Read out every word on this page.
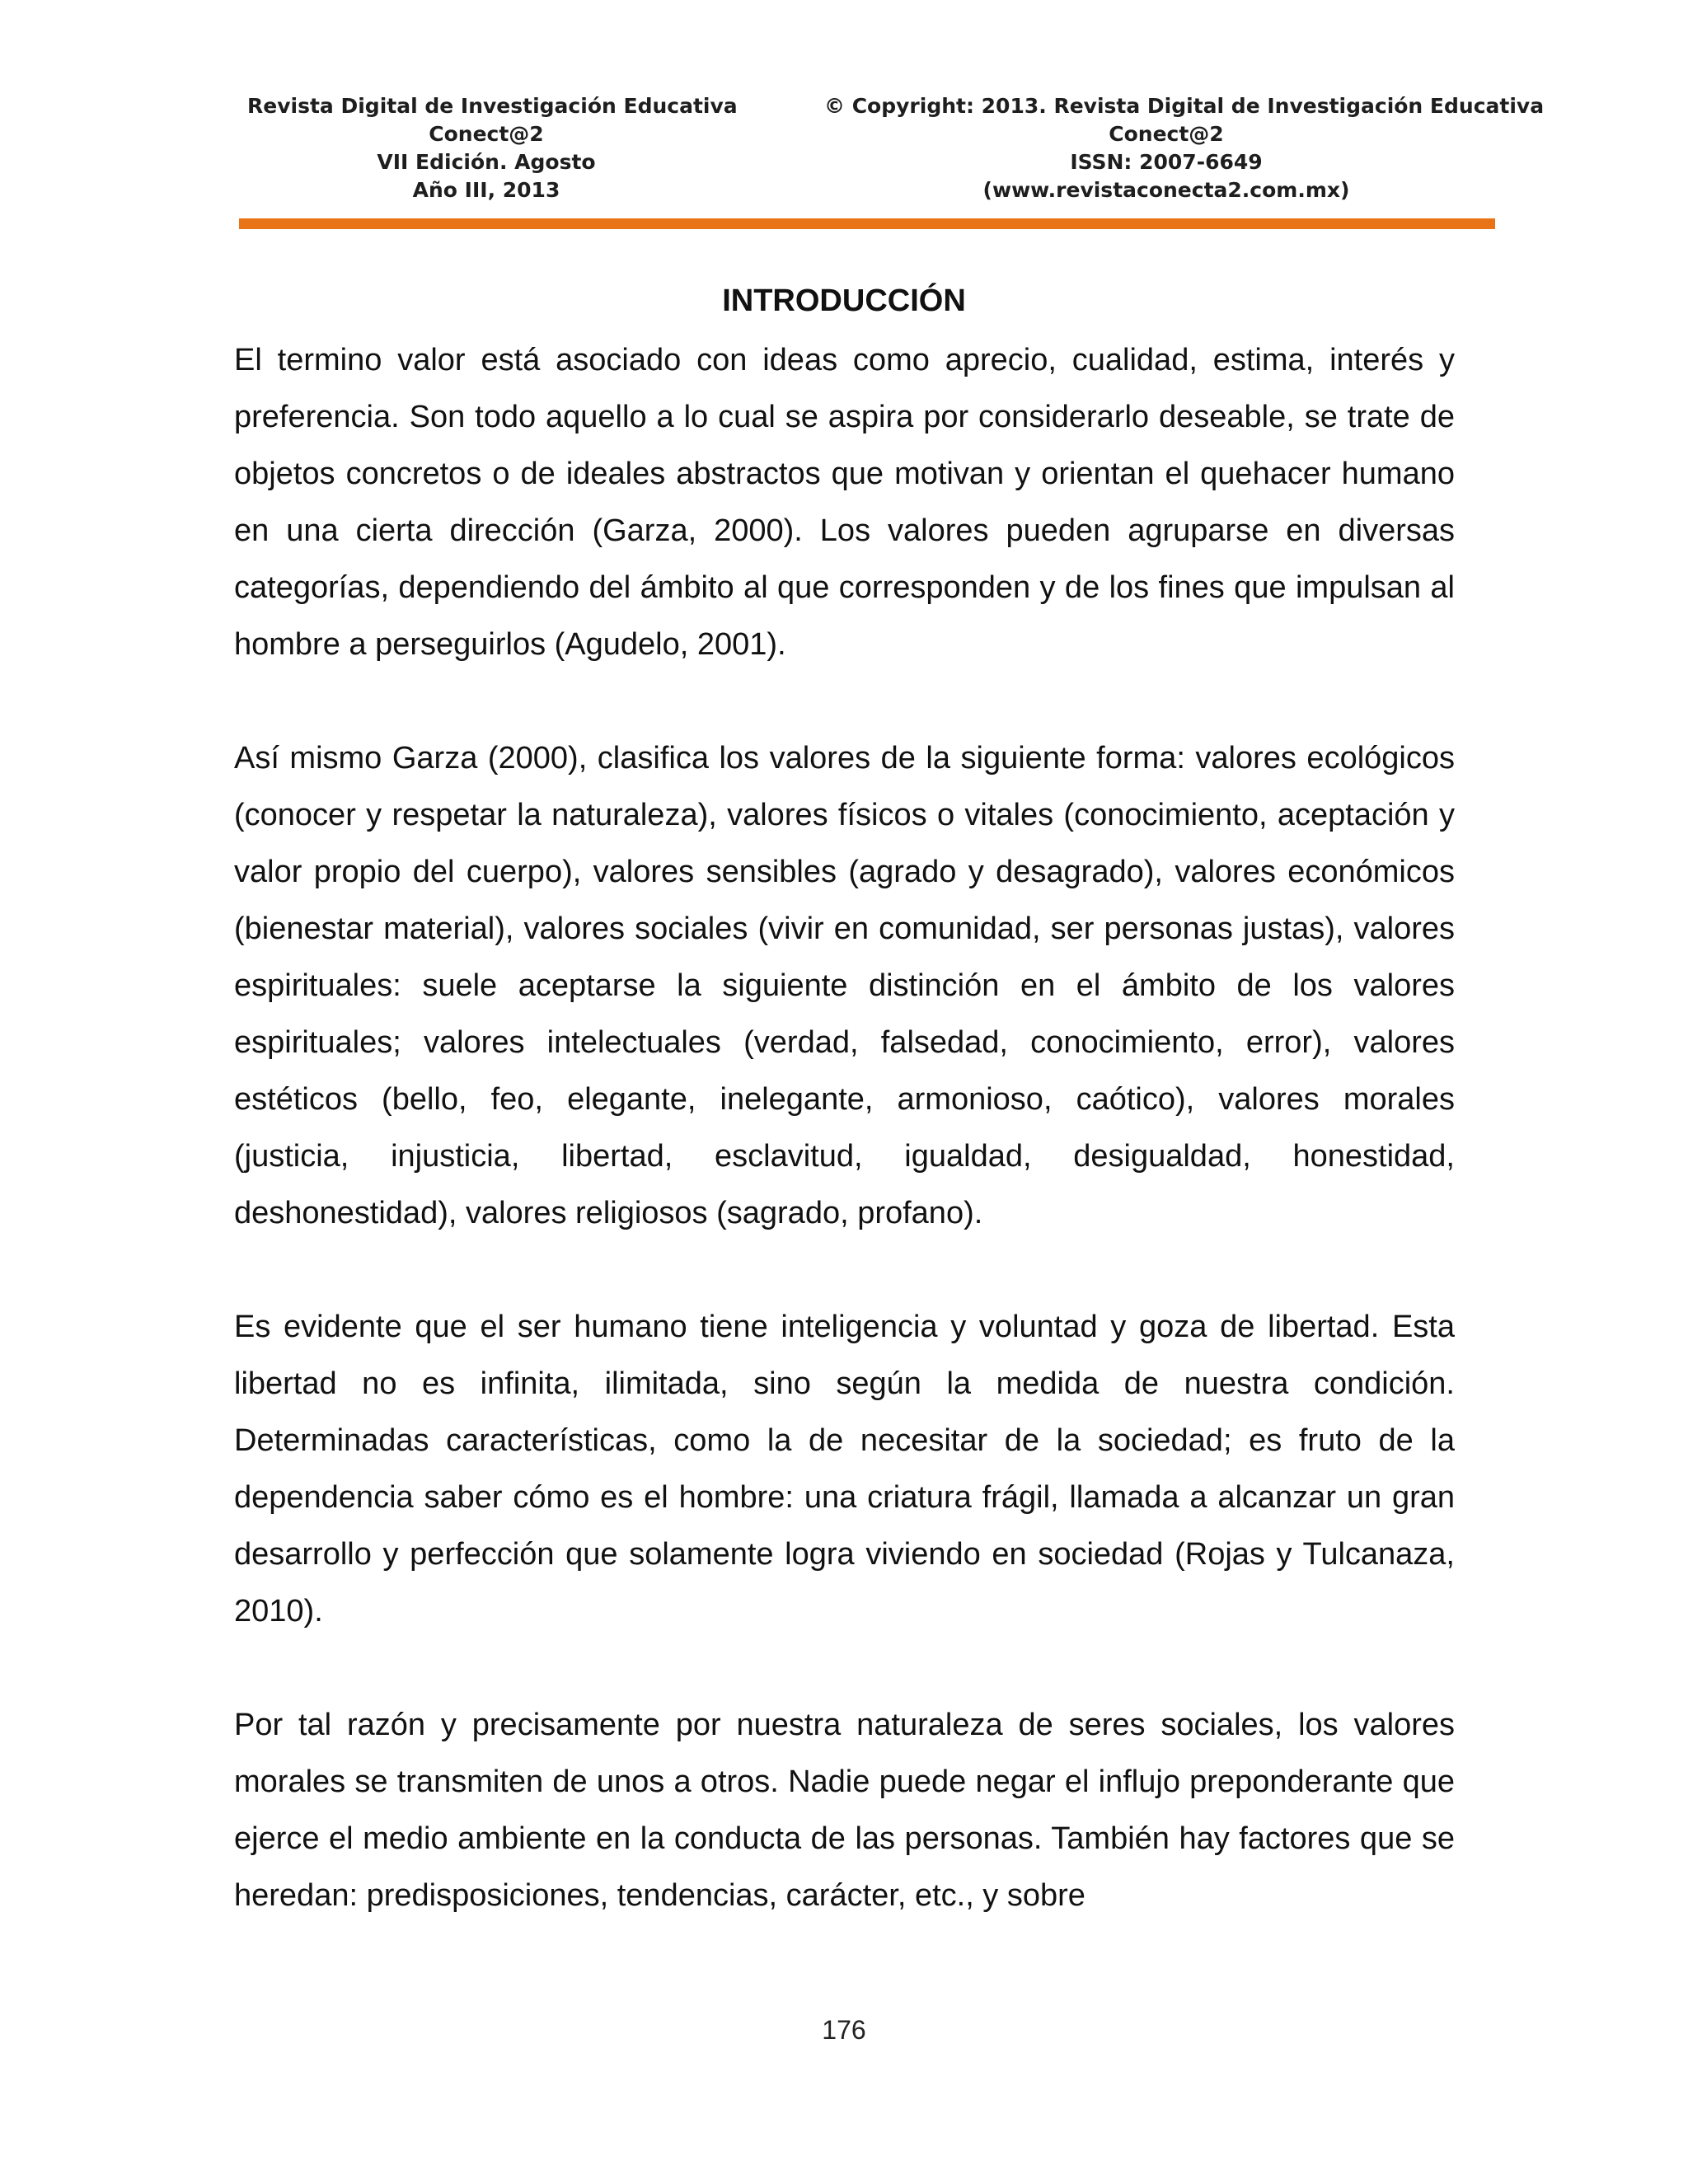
Revista Digital de Investigación Educativa
Conect@2
VII Edición. Agosto
Año III, 2013
© Copyright: 2013. Revista Digital de Investigación Educativa
Conect@2
ISSN: 2007-6649
(www.revistaconecta2.com.mx)
INTRODUCCIÓN

El termino valor está asociado con ideas como aprecio, cualidad, estima, interés y preferencia. Son todo aquello a lo cual se aspira por considerarlo deseable, se trate de objetos concretos o de ideales abstractos que motivan y orientan el quehacer humano en una cierta dirección (Garza, 2000). Los valores pueden agruparse en diversas categorías, dependiendo del ámbito al que corresponden y de los fines que impulsan al hombre a perseguirlos (Agudelo, 2001).

Así mismo Garza (2000), clasifica los valores de la siguiente forma: valores ecológicos (conocer y respetar la naturaleza), valores físicos o vitales (conocimiento, aceptación y valor propio del cuerpo), valores sensibles (agrado y desagrado), valores económicos (bienestar material), valores sociales (vivir en comunidad, ser personas justas), valores espirituales: suele aceptarse la siguiente distinción en el ámbito de los valores espirituales; valores intelectuales (verdad, falsedad, conocimiento, error), valores estéticos (bello, feo, elegante, inelegante, armonioso, caótico), valores morales (justicia, injusticia, libertad, esclavitud, igualdad, desigualdad, honestidad, deshonestidad), valores religiosos (sagrado, profano).

Es evidente que el ser humano tiene inteligencia y voluntad y goza de libertad. Esta libertad no es infinita, ilimitada, sino según la medida de nuestra condición. Determinadas características, como la de necesitar de la sociedad; es fruto de la dependencia saber cómo es el hombre: una criatura frágil, llamada a alcanzar un gran desarrollo y perfección que solamente logra viviendo en sociedad (Rojas y Tulcanaza, 2010).

Por tal razón y precisamente por nuestra naturaleza de seres sociales, los valores morales se transmiten de unos a otros. Nadie puede negar el influjo preponderante que ejerce el medio ambiente en la conducta de las personas. También hay factores que se heredan: predisposiciones, tendencias, carácter, etc., y sobre

176
